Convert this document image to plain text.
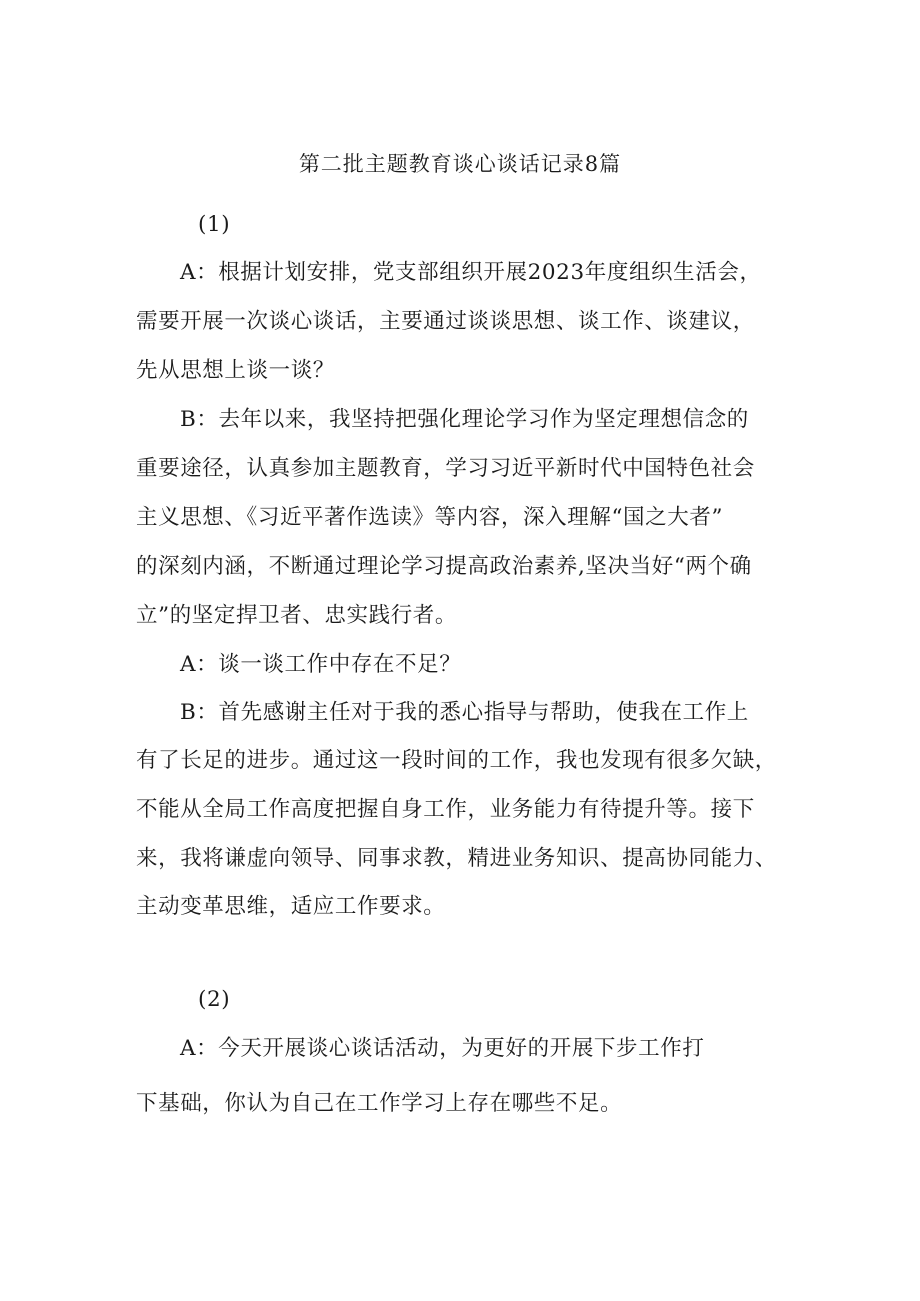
第二批主题教育谈心谈话记录8篇
(1)
A：根据计划安排，党支部组织开展2023年度组织生活会，
需要开展一次谈心谈话，主要通过谈谈思想、谈工作、谈建议，
先从思想上谈一谈？
B：去年以来，我坚持把强化理论学习作为坚定理想信念的
重要途径，认真参加主题教育，学习习近平新时代中国特色社会
主义思想、《习近平著作选读》等内容，深入理解“国之大者”
的深刻内涵，不断通过理论学习提高政治素养,坚决当好“两个确
立”的坚定捍卫者、忠实践行者。
A：谈一谈工作中存在不足？
B：首先感谢主任对于我的悉心指导与帮助，使我在工作上
有了长足的进步。通过这一段时间的工作，我也发现有很多欠缺，
不能从全局工作高度把握自身工作，业务能力有待提升等。接下
来，我将谦虚向领导、同事求教，精进业务知识、提高协同能力、
主动变革思维，适应工作要求。
(2)
A：今天开展谈心谈话活动，为更好的开展下步工作打
下基础，你认为自己在工作学习上存在哪些不足。
